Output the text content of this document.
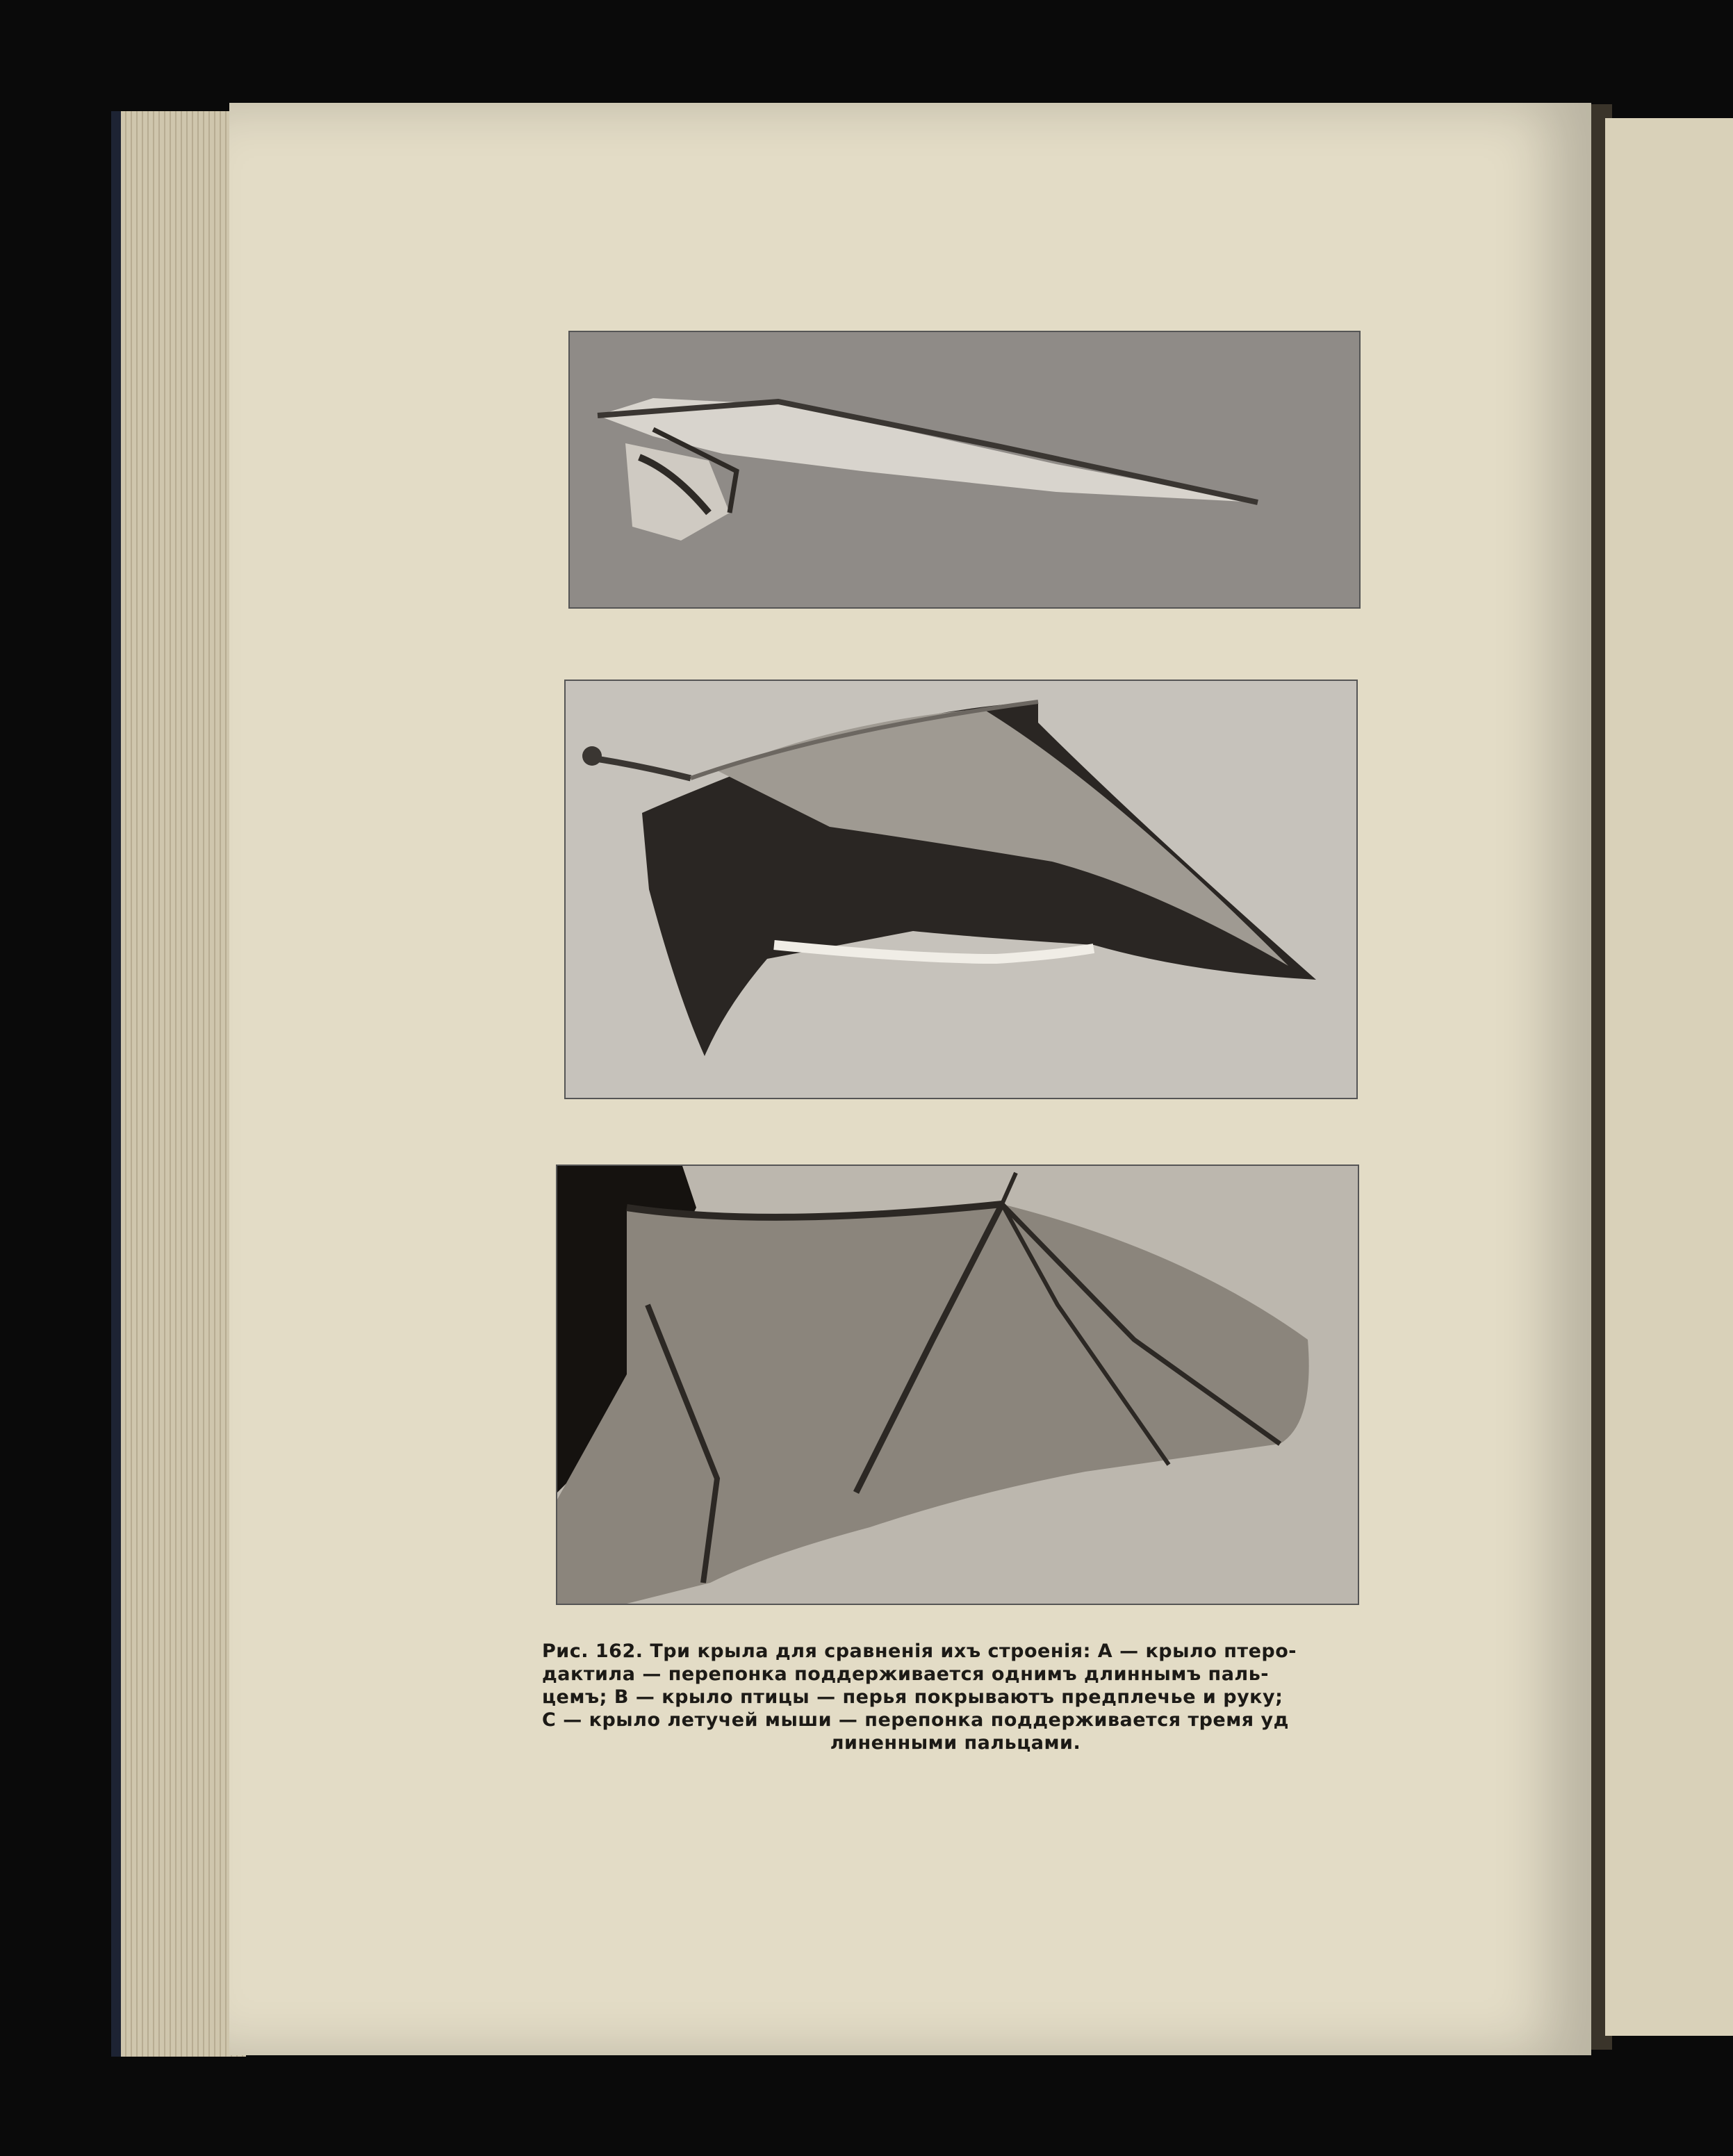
Рис. 162. Три крыла для сравненія ихъ строенія: А — крыло птеро-

дактила — перепонка поддерживается однимъ длиннымъ паль-

цемъ; В — крыло птицы — перья покрываютъ предплечье и руку;

С — крыло летучей мыши — перепонка поддерживается тремя уд

линенными пальцами.
